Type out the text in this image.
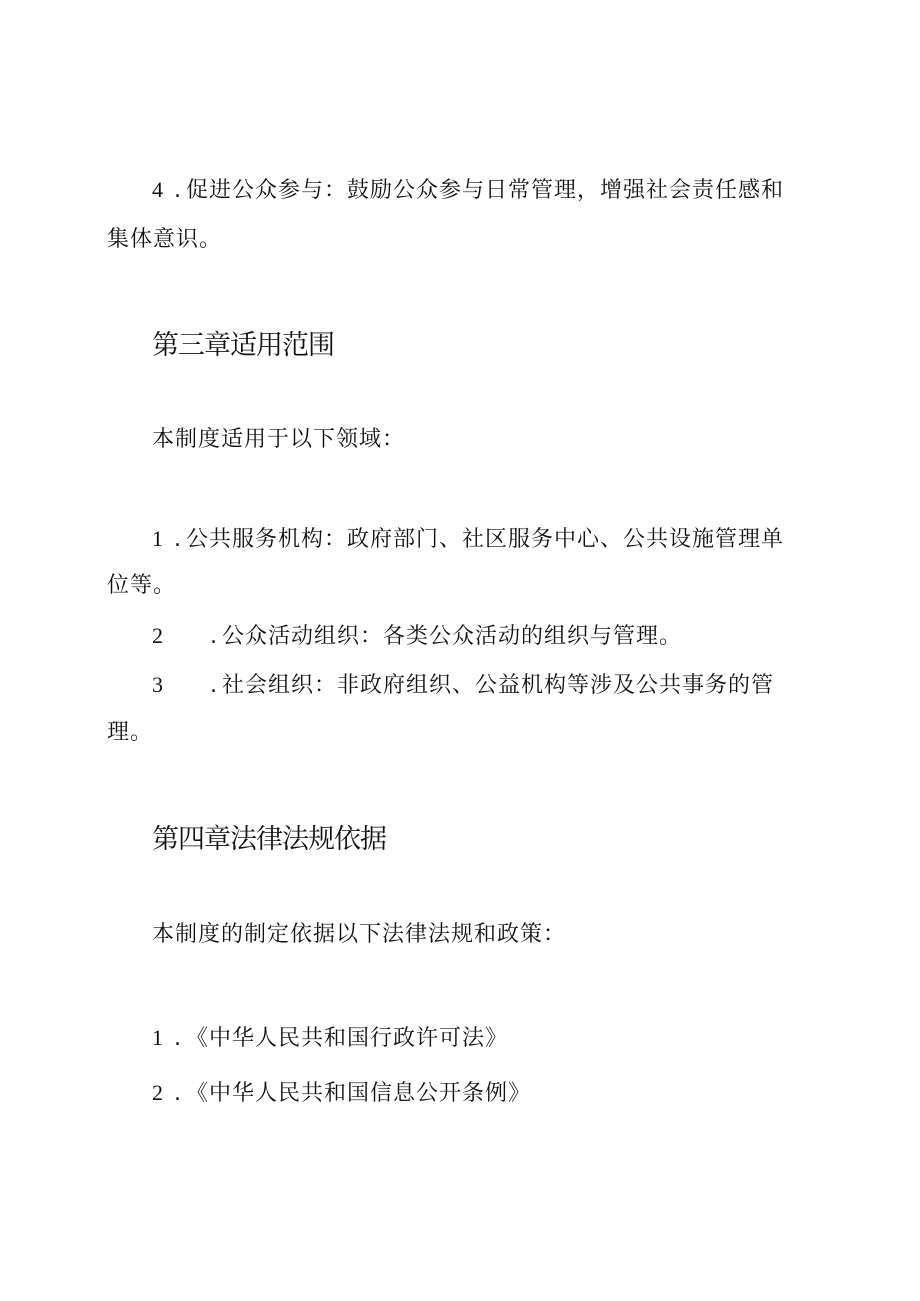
4 . 促进公众参与：鼓励公众参与日常管理，增强社会责任感和
集体意识。
第三章适用范围
本制度适用于以下领域：
1 . 公共服务机构：政府部门、社区服务中心、公共设施管理单
位等。
2 . 公众活动组织：各类公众活动的组织与管理。
3 . 社会组织：非政府组织、公益机构等涉及公共事务的管
理。
第四章法律法规依据
本制度的制定依据以下法律法规和政策：
1 . 《中华人民共和国行政许可法》
2 . 《中华人民共和国信息公开条例》
